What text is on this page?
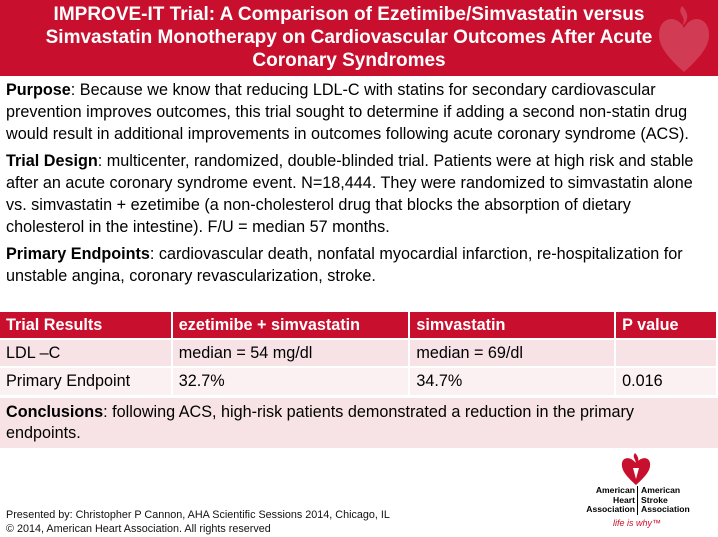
IMPROVE-IT Trial: A Comparison of Ezetimibe/Simvastatin versus Simvastatin Monotherapy on Cardiovascular Outcomes After Acute Coronary Syndromes

Purpose: Because we know that reducing LDL-C with statins for secondary cardiovascular prevention improves outcomes, this trial sought to determine if adding a second non-statin drug would result in additional improvements in outcomes following acute coronary syndrome (ACS).

Trial Design: multicenter, randomized, double-blinded trial. Patients were at high risk and stable after an acute coronary syndrome event. N=18,444. They were randomized to simvastatin alone vs. simvastatin + ezetimibe (a non-cholesterol drug that blocks the absorption of dietary cholesterol in the intestine). F/U = median 57 months.

Primary Endpoints: cardiovascular death, nonfatal myocardial infarction, re-hospitalization for unstable angina, coronary revascularization, stroke.

Trial Results	ezetimibe + simvastatin	simvastatin	P value
LDL –C	median = 54 mg/dl	median = 69/dl	
Primary Endpoint	32.7%	34.7%	0.016
Conclusions: following ACS, high-risk patients demonstrated a reduction in the primary endpoints.
Presented by: Christopher P Cannon, AHA Scientific Sessions 2014, Chicago, IL
© 2014, American Heart Association. All rights reserved
American
Heart
Association
American
Stroke
Association
life is why™
